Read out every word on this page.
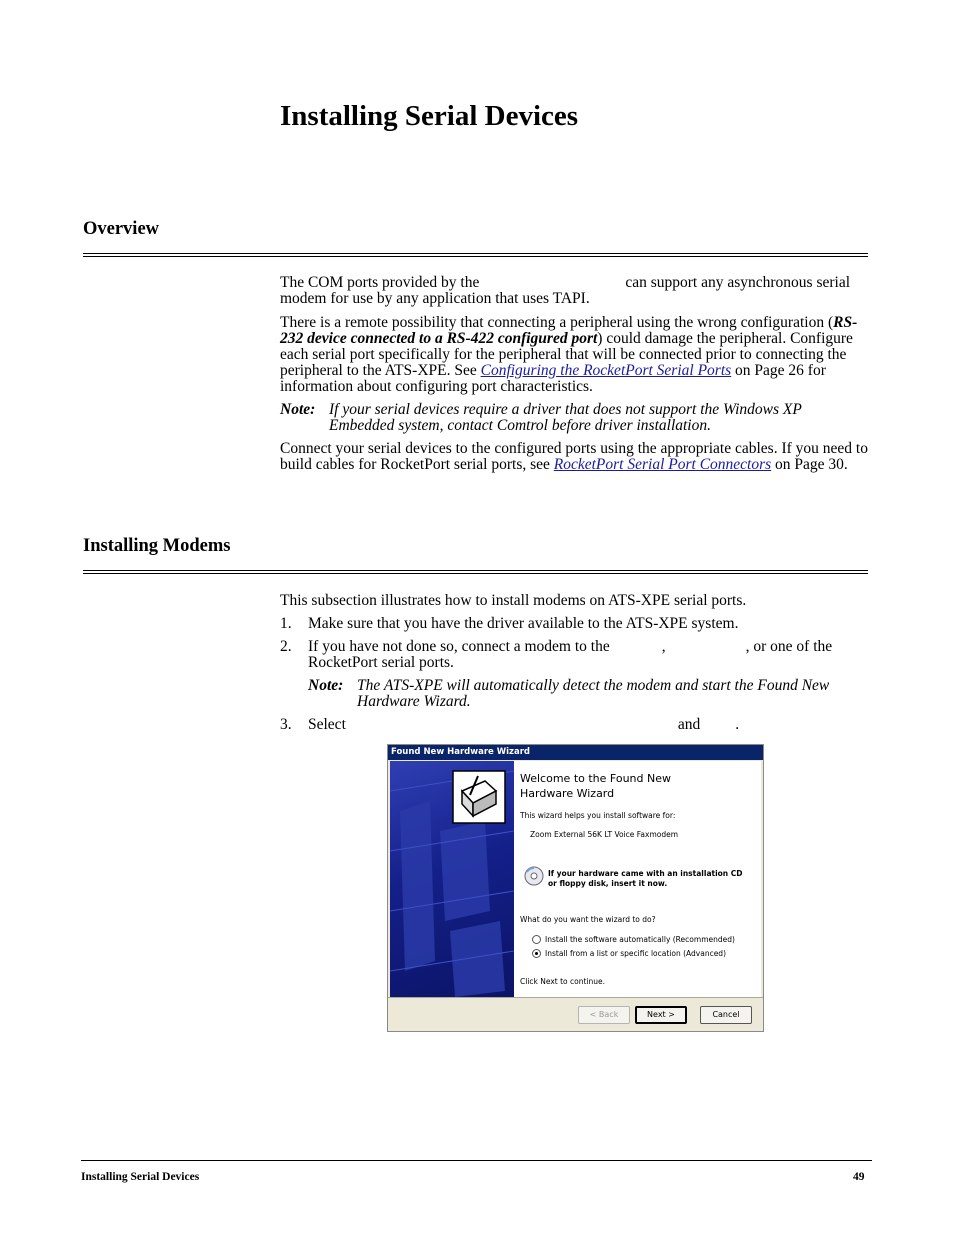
Installing Serial Devices
Overview

The COM ports provided by the	can support any asynchronous serial modem for use by any application that uses TAPI.

There is a remote possibility that connecting a peripheral using the wrong configuration (RS-232 device connected to a RS-422 configured port) could damage the peripheral. Configure each serial port specifically for the peripheral that will be connected prior to connecting the peripheral to the ATS-XPE. See Configuring the RocketPort Serial Ports on Page 26 for information about configuring port characteristics.

Note: If your serial devices require a driver that does not support the Windows XP Embedded system, contact Comtrol before driver installation.

Connect your serial devices to the configured ports using the appropriate cables. If you need to build cables for RocketPort serial ports, see RocketPort Serial Port Connectors on Page 30.

Installing Modems

This subsection illustrates how to install modems on ATS-XPE serial ports.

1.	Make sure that you have the driver available to the ATS-XPE system.
2.	If you have not done so, connect a modem to the	,	, or one of the RocketPort serial ports.
Note: The ATS-XPE will automatically detect the modem and start the Found New Hardware Wizard.
3.	Select	and .
Found New Hardware Wizard
Welcome to the Found New
Hardware Wizard
This wizard helps you install software for:
Zoom External 56K LT Voice Faxmodem
If your hardware came with an installation CD
or floppy disk, insert it now.
What do you want the wizard to do?
Install the software automatically (Recommended)
Install from a list or specific location (Advanced)
Click Next to continue.
< Back	Next >	Cancel
Installing Serial Devices	49
